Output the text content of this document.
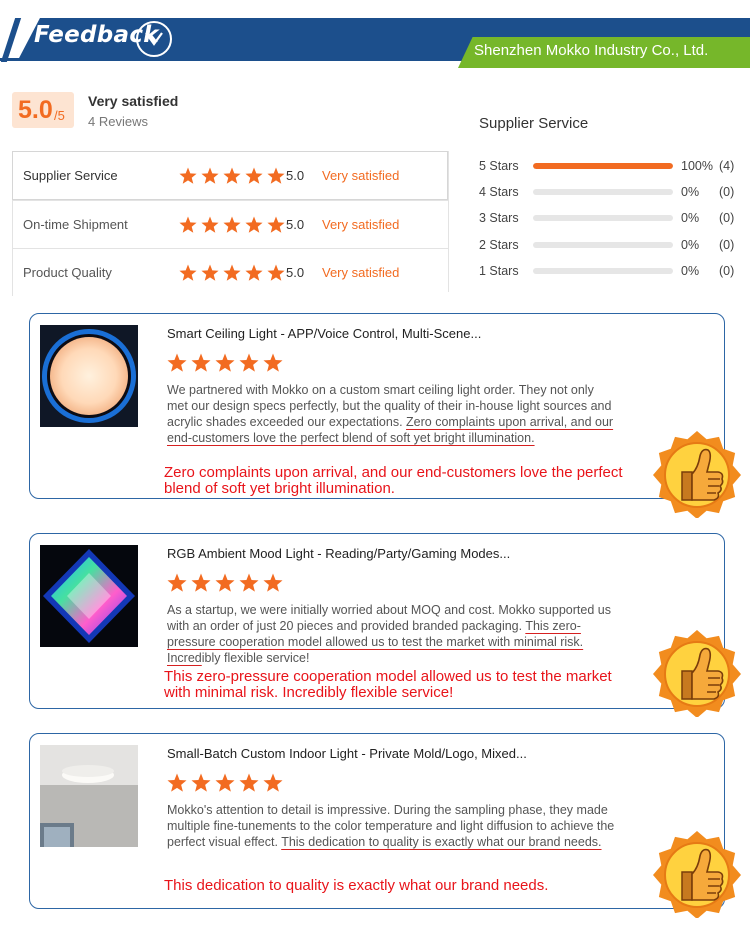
Feedback
Shenzhen Mokko Industry Co., Ltd.
5.0 /5
Very satisfied
4 Reviews
Supplier Service	5.0 Very satisfied
On-time Shipment	5.0 Very satisfied
Product Quality	5.0 Very satisfied
Supplier Service
5 Stars	100% (4)
4 Stars	0% (0)
3 Stars	0% (0)
2 Stars	0% (0)
1 Stars	0% (0)
Smart Ceiling Light - APP/Voice Control, Multi-Scene...
We partnered with Mokko on a custom smart ceiling light order. They not only met our design specs perfectly, but the quality of their in-house light sources and acrylic shades exceeded our expectations. Zero complaints upon arrival, and our end-customers love the perfect blend of soft yet bright illumination.
Zero complaints upon arrival, and our end-customers love the perfect blend of soft yet bright illumination.
RGB Ambient Mood Light - Reading/Party/Gaming Modes...
As a startup, we were initially worried about MOQ and cost. Mokko supported us with an order of just 20 pieces and provided branded packaging. This zero-pressure cooperation model allowed us to test the market with minimal risk. Incredibly flexible service!
This zero-pressure cooperation model allowed us to test the market with minimal risk. Incredibly flexible service!
Small-Batch Custom Indoor Light - Private Mold/Logo, Mixed...
Mokko's attention to detail is impressive. During the sampling phase, they made multiple fine-tunements to the color temperature and light diffusion to achieve the perfect visual effect. This dedication to quality is exactly what our brand needs.
This dedication to quality is exactly what our brand needs.
